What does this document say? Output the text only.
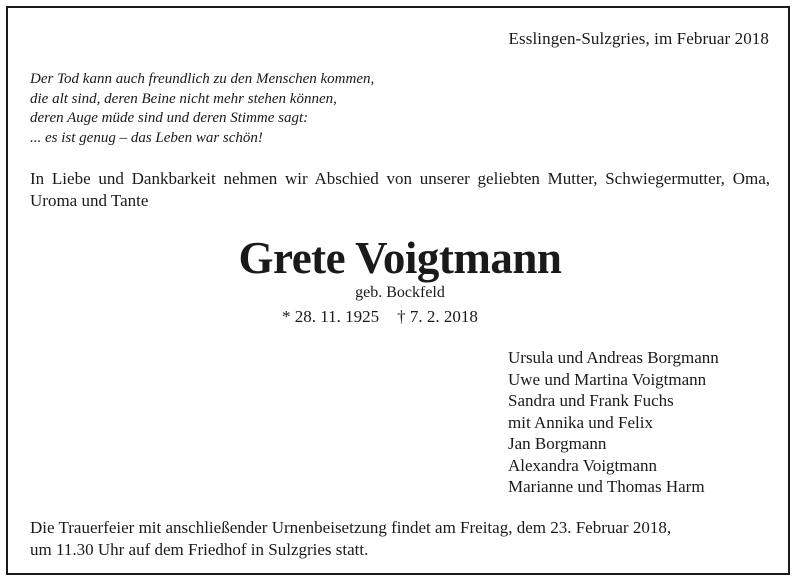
Esslingen-Sulzgries, im Februar 2018
Der Tod kann auch freundlich zu den Menschen kommen,
die alt sind, deren Beine nicht mehr stehen können,
deren Auge müde sind und deren Stimme sagt:
... es ist genug – das Leben war schön!
In Liebe und Dankbarkeit nehmen wir Abschied von unserer geliebten Mutter, Schwiegermutter, Oma, Uroma und Tante
Grete Voigtmann
geb. Bockfeld
* 28. 11. 1925 † 7. 2. 2018
Ursula und Andreas Borgmann
Uwe und Martina Voigtmann
Sandra und Frank Fuchs
mit Annika und Felix
Jan Borgmann
Alexandra Voigtmann
Marianne und Thomas Harm
Die Trauerfeier mit anschließender Urnenbeisetzung findet am Freitag, dem 23. Februar 2018,
um 11.30 Uhr auf dem Friedhof in Sulzgries statt.
